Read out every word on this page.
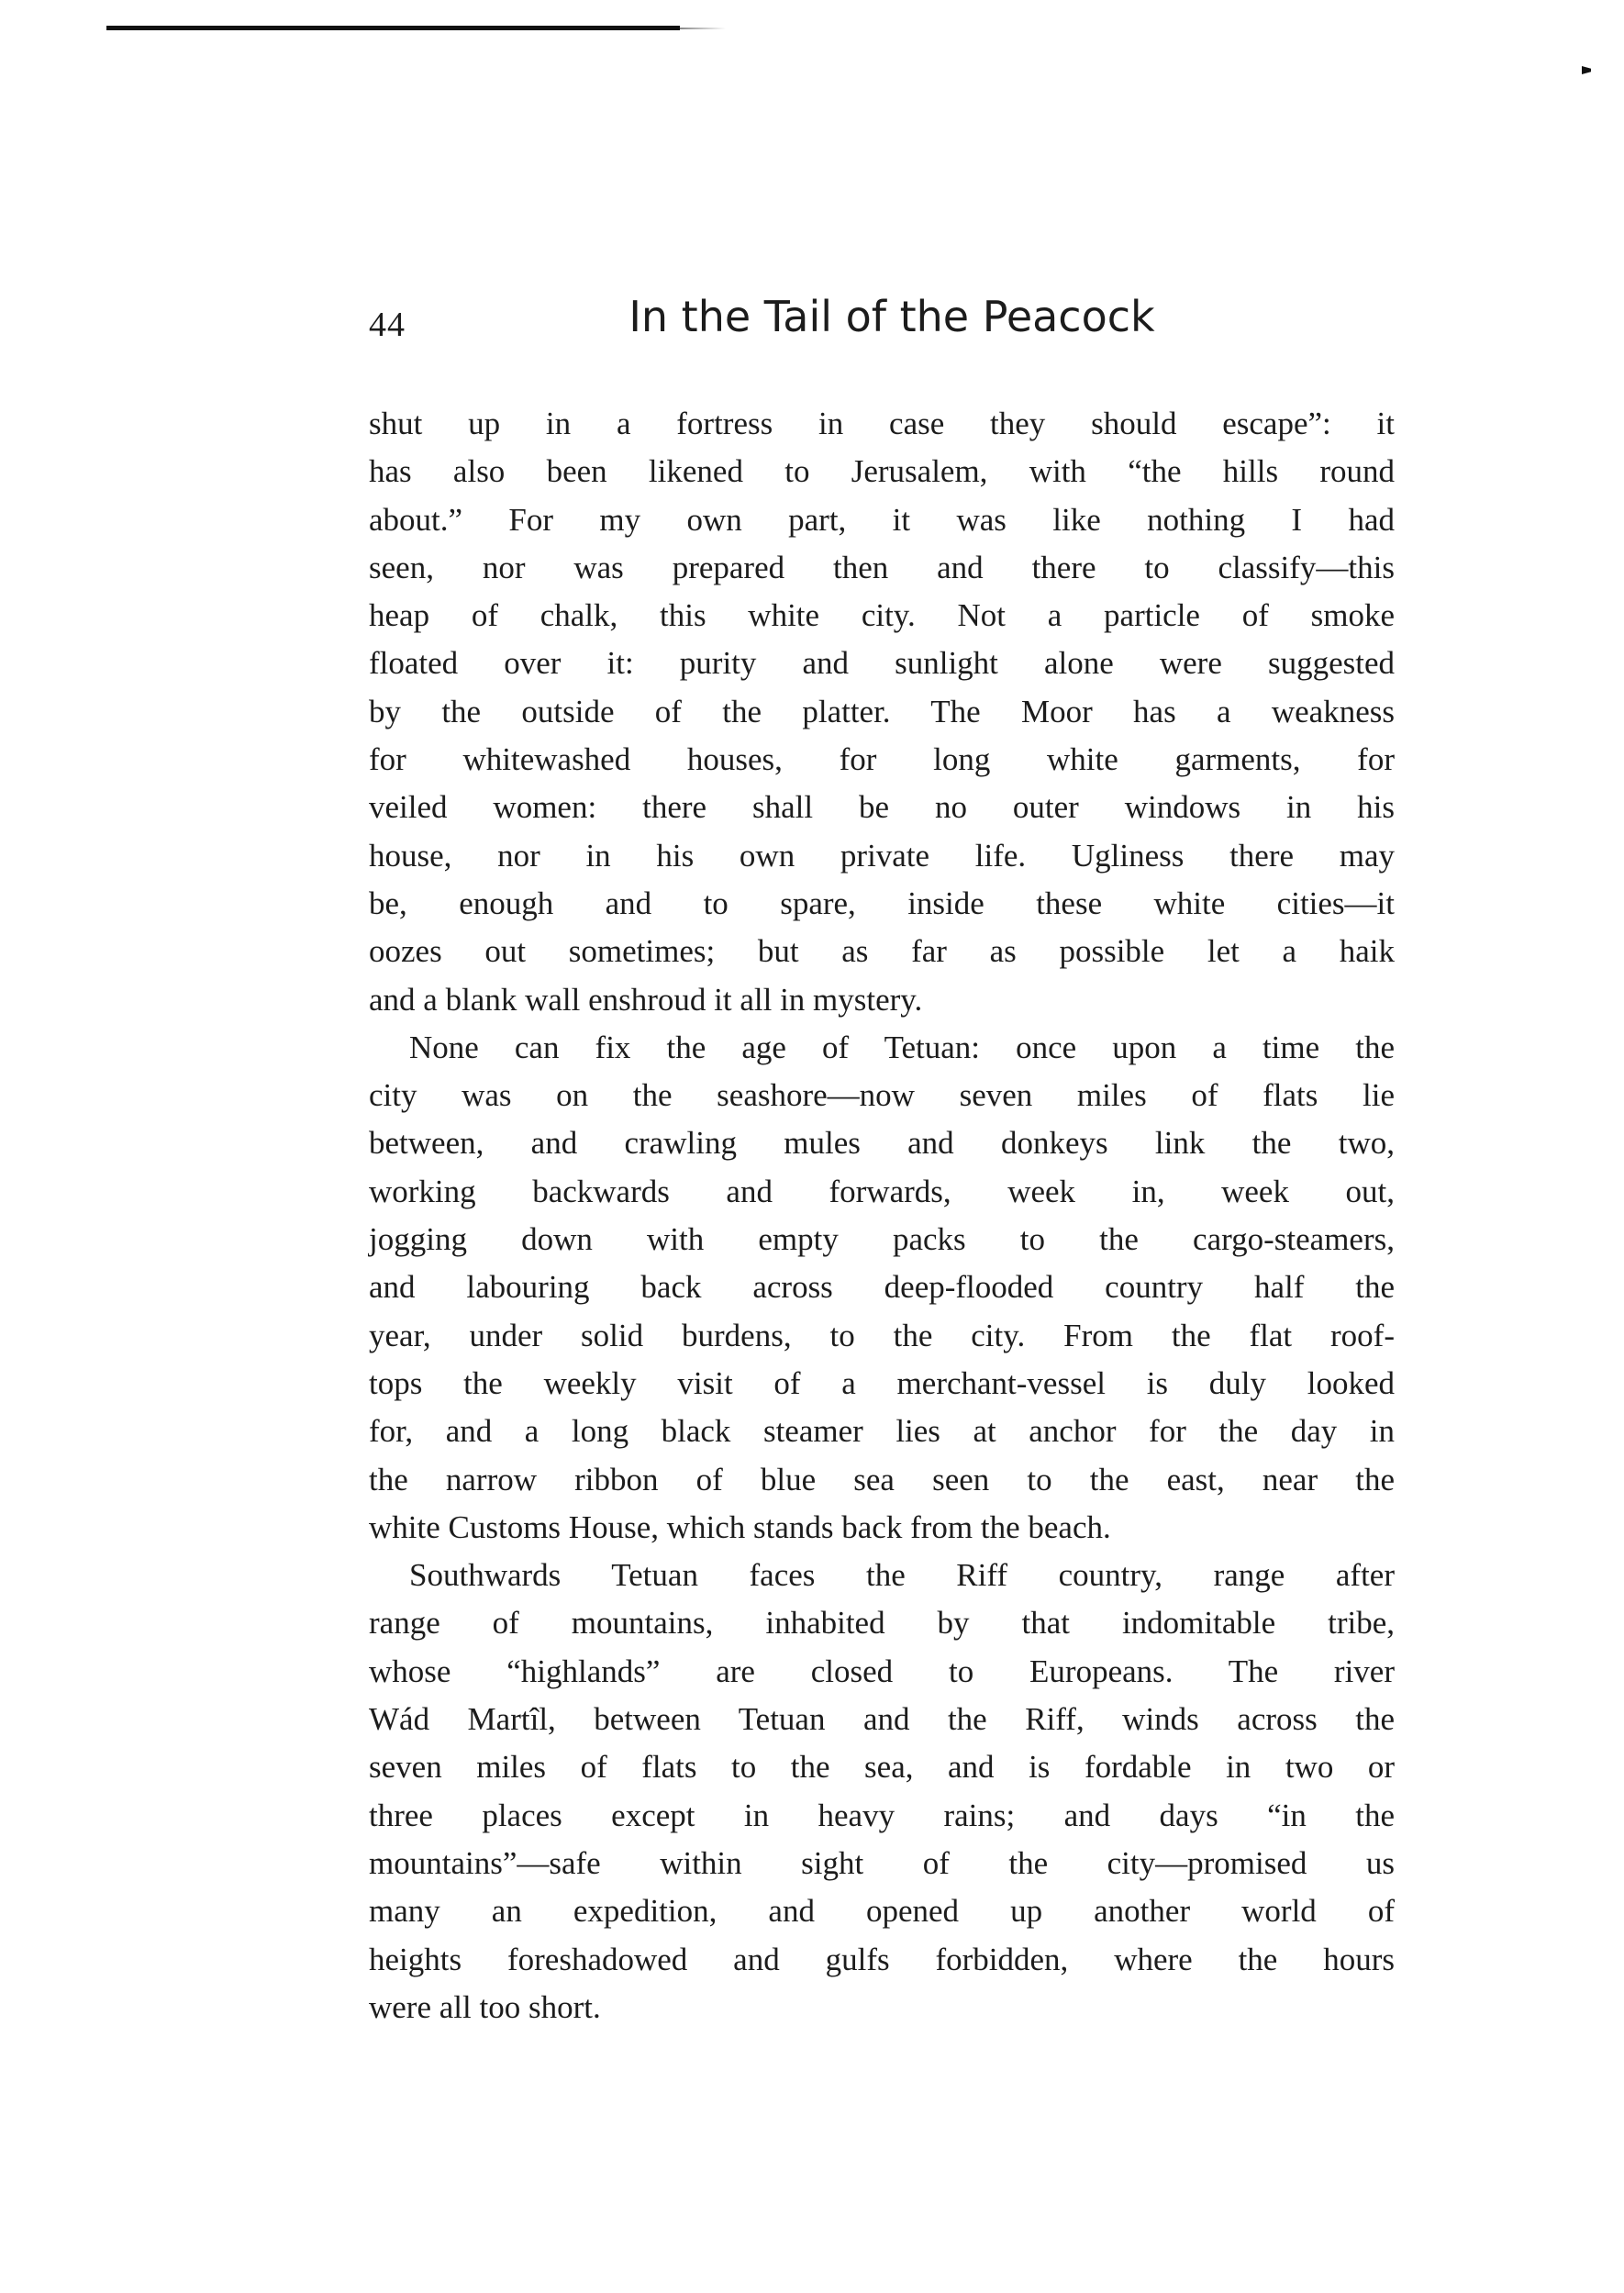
44	In the Tail of the Peacock
shut up in a fortress in case they should escape”: it
has also been likened to Jerusalem, with “the hills round
about.” For my own part, it was like nothing I had
seen, nor was prepared then and there to classify—this
heap of chalk, this white city. Not a particle of smoke
floated over it: purity and sunlight alone were suggested
by the outside of the platter. The Moor has a weakness
for whitewashed houses, for long white garments, for
veiled women: there shall be no outer windows in his
house, nor in his own private life. Ugliness there may
be, enough and to spare, inside these white cities—it
oozes out sometimes; but as far as possible let a haik
and a blank wall enshroud it all in mystery.
None can fix the age of Tetuan: once upon a time the
city was on the seashore—now seven miles of flats lie
between, and crawling mules and donkeys link the two,
working backwards and forwards, week in, week out,
jogging down with empty packs to the cargo-steamers,
and labouring back across deep-flooded country half the
year, under solid burdens, to the city. From the flat roof-
tops the weekly visit of a merchant-vessel is duly looked
for, and a long black steamer lies at anchor for the day in
the narrow ribbon of blue sea seen to the east, near the
white Customs House, which stands back from the beach.
Southwards Tetuan faces the Riff country, range after
range of mountains, inhabited by that indomitable tribe,
whose “highlands” are closed to Europeans. The river
Wád Martîl, between Tetuan and the Riff, winds across the
seven miles of flats to the sea, and is fordable in two or
three places except in heavy rains; and days “in the
mountains”—safe within sight of the city—promised us
many an expedition, and opened up another world of
heights foreshadowed and gulfs forbidden, where the hours
were all too short.
